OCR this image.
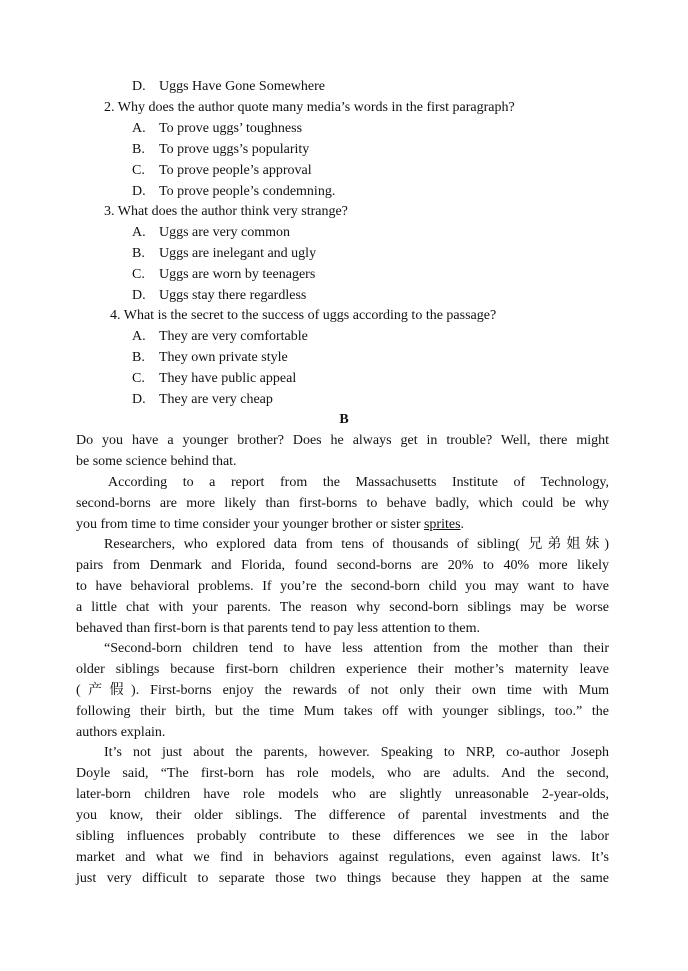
D. Uggs Have Gone Somewhere
2. Why does the author quote many media’s words in the first paragraph?
A. To prove uggs’ toughness
B. To prove uggs’s popularity
C. To prove people’s approval
D. To prove people’s condemning.
3. What does the author think very strange?
A. Uggs are very common
B. Uggs are inelegant and ugly
C. Uggs are worn by teenagers
D. Uggs stay there regardless
4. What is the secret to the success of uggs according to the passage?
A. They are very comfortable
B. They own private style
C. They have public appeal
D. They are very cheap
B
Do you have a younger brother? Does he always get in trouble? Well, there might
be some science behind that.
According to a report from the Massachusetts Institute of Technology,
second-borns are more likely than first-borns to behave badly, which could be why
you from time to time consider your younger brother or sister sprites.
Researchers, who explored data from tens of thousands of sibling( 兄弟姐妹)
pairs from Denmark and Florida, found second-borns are 20% to 40% more likely
to have behavioral problems. If you’re the second-born child you may want to have
a little chat with your parents. The reason why second-born siblings may be worse
behaved than first-born is that parents tend to pay less attention to them.
“Second-born children tend to have less attention from the mother than their
older siblings because first-born children experience their mother’s maternity leave
(产假). First-borns enjoy the rewards of not only their own time with Mum
following their birth, but the time Mum takes off with younger siblings, too.” the
authors explain.
It’s not just about the parents, however. Speaking to NRP, co-author Joseph
Doyle said, “The first-born has role models, who are adults. And the second,
later-born children have role models who are slightly unreasonable 2-year-olds,
you know, their older siblings. The difference of parental investments and the
sibling influences probably contribute to these differences we see in the labor
market and what we find in behaviors against regulations, even against laws. It’s
just very difficult to separate those two things because they happen at the same
